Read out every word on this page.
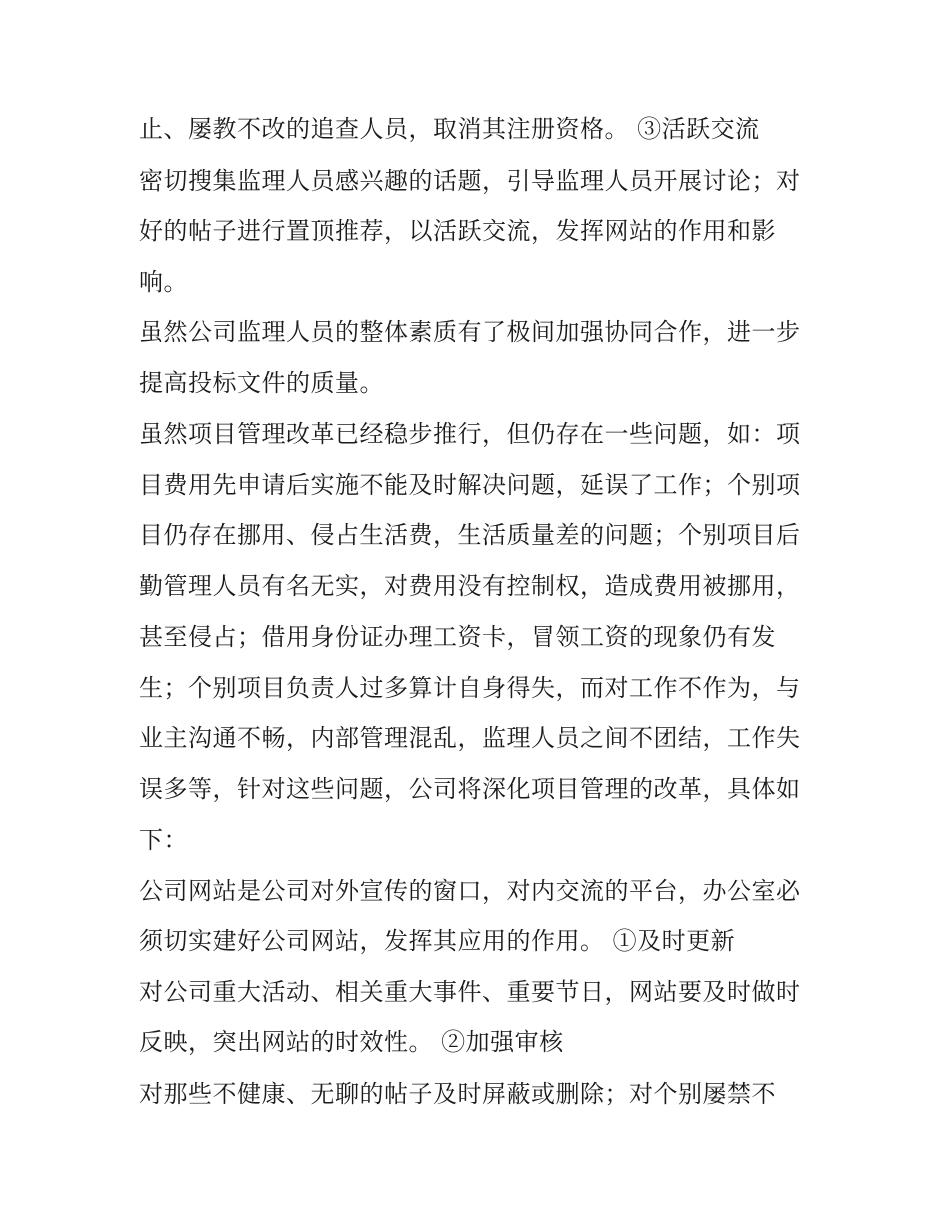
止、屡教不改的追查人员，取消其注册资格。 ③活跃交流

密切搜集监理人员感兴趣的话题，引导监理人员开展讨论；对

好的帖子进行置顶推荐，以活跃交流，发挥网站的作用和影

响。

虽然公司监理人员的整体素质有了极间加强协同合作，进一步

提高投标文件的质量。

虽然项目管理改革已经稳步推行，但仍存在一些问题，如：项

目费用先申请后实施不能及时解决问题，延误了工作；个别项

目仍存在挪用、侵占生活费，生活质量差的问题；个别项目后

勤管理人员有名无实，对费用没有控制权，造成费用被挪用，

甚至侵占；借用身份证办理工资卡，冒领工资的现象仍有发

生；个别项目负责人过多算计自身得失，而对工作不作为，与

业主沟通不畅，内部管理混乱，监理人员之间不团结，工作失

误多等，针对这些问题，公司将深化项目管理的改革，具体如

下：

公司网站是公司对外宣传的窗口，对内交流的平台，办公室必

须切实建好公司网站，发挥其应用的作用。 ①及时更新

对公司重大活动、相关重大事件、重要节日，网站要及时做时

反映，突出网站的时效性。 ②加强审核

对那些不健康、无聊的帖子及时屏蔽或删除；对个别屡禁不
